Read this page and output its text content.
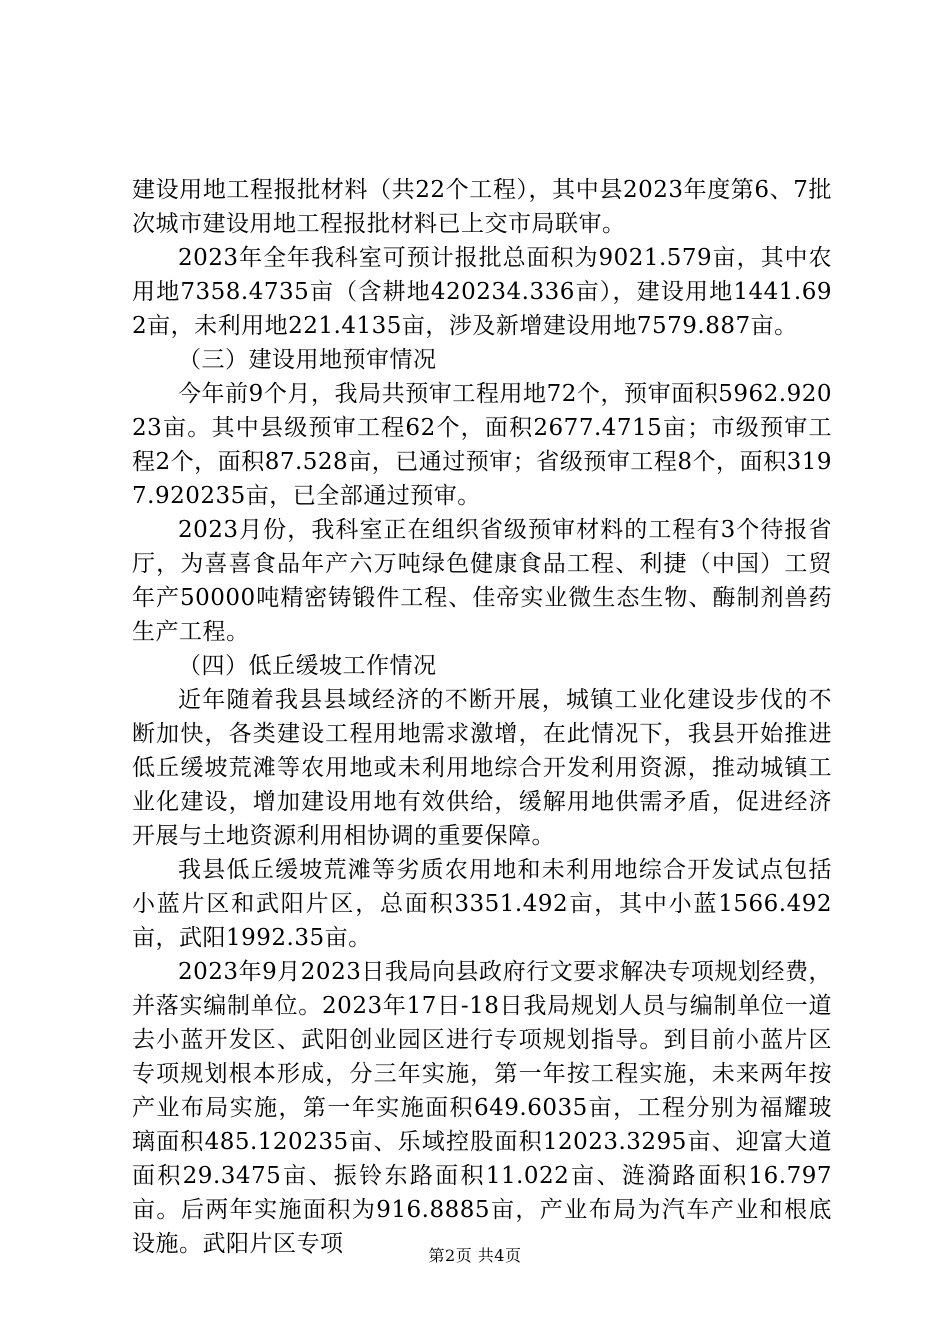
建设用地工程报批材料（共22个工程），其中县2023年度第6、7批次城市建设用地工程报批材料已上交市局联审。

2023年全年我科室可预计报批总面积为9021.579亩，其中农用地7358.4735亩（含耕地420234.336亩），建设用地1441.692亩，未利用地221.4135亩，涉及新增建设用地7579.887亩。

（三）建设用地预审情况

今年前9个月，我局共预审工程用地72个，预审面积5962.92023亩。其中县级预审工程62个，面积2677.4715亩；市级预审工程2个，面积87.528亩，已通过预审；省级预审工程8个，面积3197.920235亩，已全部通过预审。

2023月份，我科室正在组织省级预审材料的工程有3个待报省厅，为喜喜食品年产六万吨绿色健康食品工程、利捷（中国）工贸年产50000吨精密铸锻件工程、佳帝实业微生态生物、酶制剂兽药生产工程。

（四）低丘缓坡工作情况

近年随着我县县域经济的不断开展，城镇工业化建设步伐的不断加快，各类建设工程用地需求激增，在此情况下，我县开始推进低丘缓坡荒滩等农用地或未利用地综合开发利用资源，推动城镇工业化建设，增加建设用地有效供给，缓解用地供需矛盾，促进经济开展与土地资源利用相协调的重要保障。

我县低丘缓坡荒滩等劣质农用地和未利用地综合开发试点包括小蓝片区和武阳片区，总面积3351.492亩，其中小蓝1566.492亩，武阳1992.35亩。

2023年9月2023日我局向县政府行文要求解决专项规划经费，并落实编制单位。2023年17日-18日我局规划人员与编制单位一道去小蓝开发区、武阳创业园区进行专项规划指导。到目前小蓝片区专项规划根本形成，分三年实施，第一年按工程实施，未来两年按产业布局实施，第一年实施面积649.6035亩，工程分别为福耀玻璃面积485.120235亩、乐域控股面积12023.3295亩、迎富大道面积29.3475亩、振铃东路面积11.022亩、涟漪路面积16.797亩。后两年实施面积为916.8885亩，产业布局为汽车产业和根底设施。武阳片区专项	第2页 共4页
